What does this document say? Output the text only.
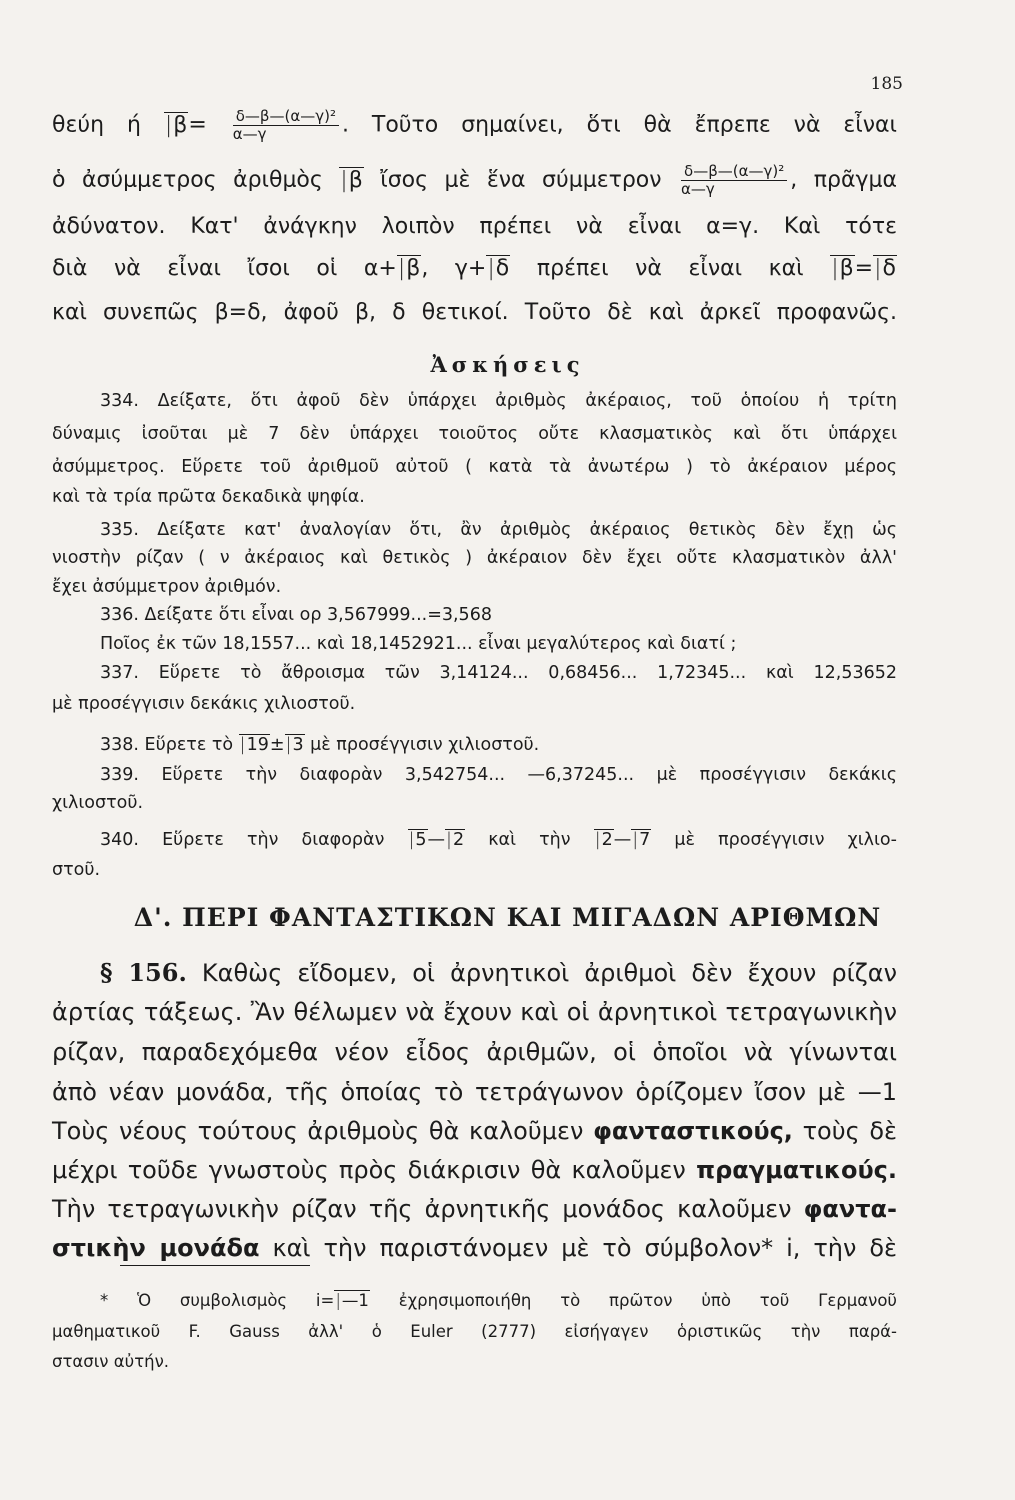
185
θεύη ή | $\beta= \frac{\text{δ—β—(α—γ)²}}{\alpha—\gamma}$ . Τοῦτο σημαίνει, ὅτι θὰ ἔπρεπε νὰ εἶναι
ὁ ἀσύμμετρος ἀριθμὸς | β ἴσος μὲ ἕνα σύμμετρον $\frac{\text{δ—β—(α—γ)²}}{\alpha—\gamma}$ , πρᾶγμα
ἀδύνατον. Κατ' ἀνάγκην λοιπὸν πρέπει νὰ εἶναι α=γ. Καὶ τότε
διὰ νὰ εἶναι ἴσοι οἱ α+ | β, γ+ | δ πρέπει νὰ εἶναι καὶ | β= | δ
καὶ συνεπῶς β=δ, ἀφοῦ β, δ θετικοί. Τοῦτο δὲ καὶ ἀρκεῖ προφανῶς.
Ἀσκήσεις
334. Δείξατε, ὅτι ἀφοῦ δὲν ὑπάρχει ἀριθμὸς ἀκέραιος, τοῦ ὁποίου ἡ τρίτη
δύναμις ἰσοῦται μὲ 7 δὲν ὑπάρχει τοιοῦτος οὔτε κλασματικὸς καὶ ὅτι ὑπάρχει
ἀσύμμετρος. Εὕρετε τοῦ ἀριθμοῦ αὐτοῦ ( κατὰ τὰ ἀνωτέρω ) τὸ ἀκέραιον μέρος
καὶ τὰ τρία πρῶτα δεκαδικὰ ψηφία.
335. Δείξατε κατ' ἀναλογίαν ὅτι, ἂν ἀριθμὸς ἀκέραιος θετικὸς δὲν ἔχῃ ὡς
νιοστὴν ρίζαν ( ν ἀκέραιος καὶ θετικὸς ) ἀκέραιον δὲν ἔχει οὔτε κλασματικὸν ἀλλ'
ἔχει ἀσύμμετρον ἀριθμόν.
336. Δείξατε ὅτι εἶναι ορ 3,567999...=3,568
Ποῖος ἐκ τῶν 18,1557... καὶ 18,1452921... εἶναι μεγαλύτερος καὶ διατί ;
337. Εὕρετε τὸ ἄθροισμα τῶν 3,14124... 0,68456... 1,72345... καὶ 12,53652
μὲ προσέγγισιν δεκάκις χιλιοστοῦ.
338. Εὕρετε τὸ | 19± | 3 μὲ προσέγγισιν χιλιοστοῦ.
339. Εὕρετε τὴν διαφορὰν 3,542754... —6,37245... μὲ προσέγγισιν δεκάκις
χιλιοστοῦ.
340. Εὕρετε τὴν διαφορὰν | 5— | 2 καὶ τὴν | 2— | 7 μὲ προσέγγισιν χιλιο-
στοῦ.
Δ'. ΠΕΡΙ ΦΑΝΤΑΣΤΙΚΩΝ ΚΑΙ ΜΙΓΑΔΩΝ ΑΡΙΘΜΩΝ
§ 156. Καθὼς εἴδομεν, οἱ ἀρνητικοὶ ἀριθμοὶ δὲν ἔχουν ρίζαν
ἀρτίας τάξεως. Ἂν θέλωμεν νὰ ἔχουν καὶ οἱ ἀρνητικοὶ τετραγωνικὴν
ρίζαν, παραδεχόμεθα νέον εἶδος ἀριθμῶν, οἱ ὁποῖοι νὰ γίνωνται
ἀπὸ νέαν μονάδα, τῆς ὁποίας τὸ τετράγωνον ὁρίζομεν ἴσον μὲ —1
Τοὺς νέους τούτους ἀριθμοὺς θὰ καλοῦμεν φανταστικούς, τοὺς δὲ
μέχρι τοῦδε γνωστοὺς πρὸς διάκρισιν θὰ καλοῦμεν πραγματικούς.
Τὴν τετραγωνικὴν ρίζαν τῆς ἀρνητικῆς μονάδος καλοῦμεν φαντα-
στικὴν μονάδα καὶ τὴν παριστάνομεν μὲ τὸ σύμβολον* i, τὴν δὲ
* Ὁ συμβολισμὸς i= | —1 ἐχρησιμοποιήθη τὸ πρῶτον ὑπὸ τοῦ Γερμανοῦ
μαθηματικοῦ F. Gauss ἀλλ' ὁ Euler (2777) εἰσήγαγεν ὁριστικῶς τὴν παρά-
στασιν αὐτήν.
